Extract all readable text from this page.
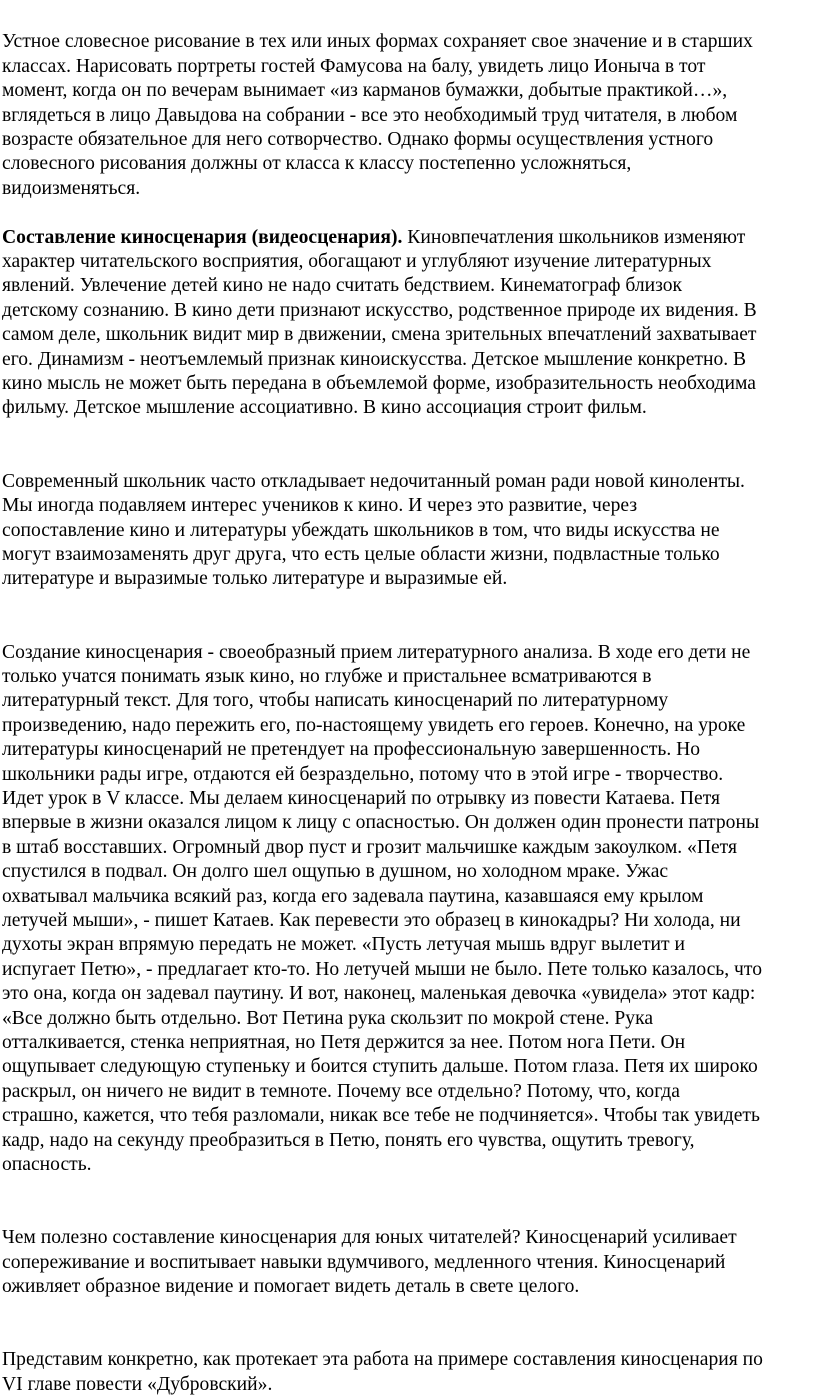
Устное словесное рисование в тех или иных формах сохраняет свое значение и в старших
классах. Нарисовать портреты гостей Фамусова на балу, увидеть лицо Ионыча в тот
момент, когда он по вечерам вынимает «из карманов бумажки, добытые практикой…»,
вглядеться в лицо Давыдова на собрании - все это необходимый труд читателя, в любом
возрасте обязательное для него сотворчество. Однако формы осуществления устного
словесного рисования должны от класса к классу постепенно усложняться,
видоизменяться.

Составление киносценария (видеосценария). Киновпечатления школьников изменяют
характер читательского восприятия, обогащают и углубляют изучение литературных
явлений. Увлечение детей кино не надо считать бедствием. Кинематограф близок
детскому сознанию. В кино дети признают искусство, родственное природе их видения. В
самом деле, школьник видит мир в движении, смена зрительных впечатлений захватывает
его. Динамизм - неотъемлемый признак киноискусства. Детское мышление конкретно. В
кино мысль не может быть передана в объемлемой форме, изобразительность необходима
фильму. Детское мышление ассоциативно. В кино ассоциация строит фильм.

Современный школьник часто откладывает недочитанный роман ради новой киноленты.
Мы иногда подавляем интерес учеников к кино. И через это развитие, через
сопоставление кино и литературы убеждать школьников в том, что виды искусства не
могут взаимозаменять друг друга, что есть целые области жизни, подвластные только
литературе и выразимые только литературе и выразимые ей.

Создание киносценария - своеобразный прием литературного анализа. В ходе его дети не
только учатся понимать язык кино, но глубже и пристальнее всматриваются в
литературный текст. Для того, чтобы написать киносценарий по литературному
произведению, надо пережить его, по-настоящему увидеть его героев. Конечно, на уроке
литературы киносценарий не претендует на профессиональную завершенность. Но
школьники рады игре, отдаются ей безраздельно, потому что в этой игре - творчество.
Идет урок в V классе. Мы делаем киносценарий по отрывку из повести Катаева. Петя
впервые в жизни оказался лицом к лицу с опасностью. Он должен один пронести патроны
в штаб восставших. Огромный двор пуст и грозит мальчишке каждым закоулком. «Петя
спустился в подвал. Он долго шел ощупью в душном, но холодном мраке. Ужас
охватывал мальчика всякий раз, когда его задевала паутина, казавшаяся ему крылом
летучей мыши», - пишет Катаев. Как перевести это образец в кинокадры? Ни холода, ни
духоты экран впрямую передать не может. «Пусть летучая мышь вдруг вылетит и
испугает Петю», - предлагает кто-то. Но летучей мыши не было. Пете только казалось, что
это она, когда он задевал паутину. И вот, наконец, маленькая девочка «увидела» этот кадр:
«Все должно быть отдельно. Вот Петина рука скользит по мокрой стене. Рука
отталкивается, стенка неприятная, но Петя держится за нее. Потом нога Пети. Он
ощупывает следующую ступеньку и боится ступить дальше. Потом глаза. Петя их широко
раскрыл, он ничего не видит в темноте. Почему все отдельно? Потому, что, когда
страшно, кажется, что тебя разломали, никак все тебе не подчиняется». Чтобы так увидеть
кадр, надо на секунду преобразиться в Петю, понять его чувства, ощутить тревогу,
опасность.

Чем полезно составление киносценария для юных читателей? Киносценарий усиливает
сопереживание и воспитывает навыки вдумчивого, медленного чтения. Киносценарий
оживляет образное видение и помогает видеть деталь в свете целого.

Представим конкретно, как протекает эта работа на примере составления киносценария по
VI главе повести «Дубровский».
